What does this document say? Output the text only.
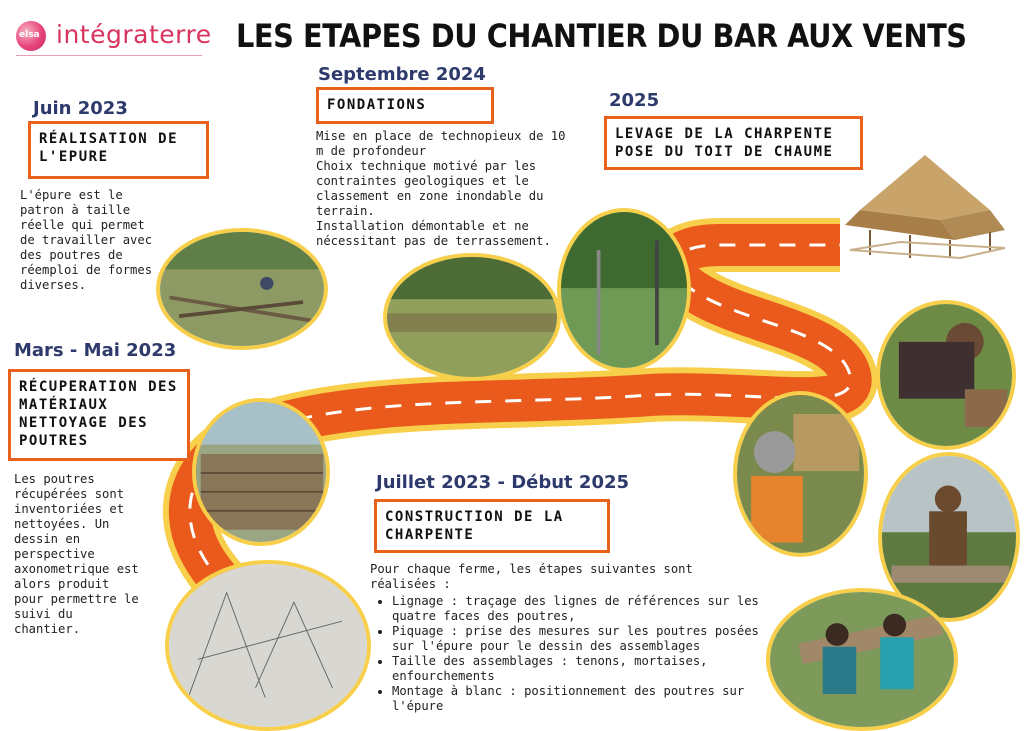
elsa intégraterre LES ETAPES DU CHANTIER DU BAR AUX VENTS
Juin 2023
RÉALISATION DE L'EPURE
L'épure est le patron à taille réelle qui permet de travailler avec des poutres de réemploi de formes diverses.
Mars - Mai 2023
RÉCUPERATION DES MATÉRIAUX NETTOYAGE DES POUTRES
Les poutres récupérées sont inventoriées et nettoyées. Un dessin en perspective axonometrique est alors produit pour permettre le suivi du chantier.
Septembre 2024
FONDATIONS
Mise en place de technopieux de 10 m de profondeur
Choix technique motivé par les contraintes geologiques et le classement en zone inondable du terrain.
Installation démontable et ne nécessitant pas de terrassement.
2025
LEVAGE DE LA CHARPENTE POSE DU TOIT DE CHAUME
Juillet 2023 - Début 2025
CONSTRUCTION DE LA CHARPENTE
Pour chaque ferme, les étapes suivantes sont réalisées :
• Lignage : traçage des lignes de références sur les quatre faces des poutres,
• Piquage : prise des mesures sur les poutres posées sur l'épure pour le dessin des assemblages
• Taille des assemblages : tenons, mortaises, enfourchements
• Montage à blanc : positionnement des poutres sur l'épure
